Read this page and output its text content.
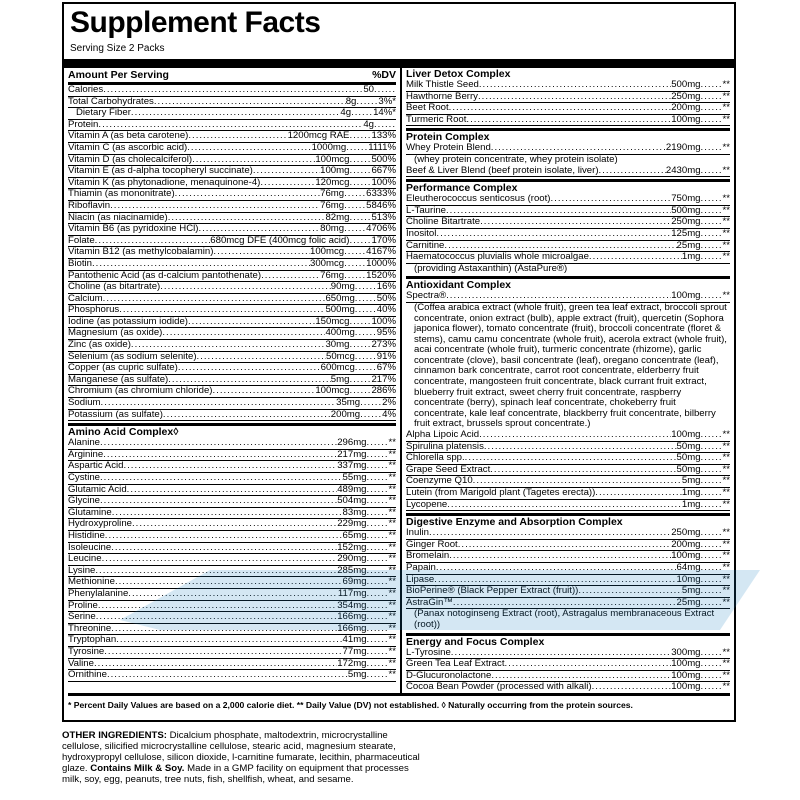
Supplement Facts
Serving Size 2 Packs
Amount Per Serving	%DV
Calories .....	50
.....
Total Carbohydrates .....	8g ..... 3%*
Dietary Fiber .....	4g ..... 14%*
Protein .....	4g
.....
Vitamin A (as beta carotene) .....	1200mcg RAE ..... 133%
Vitamin C (as ascorbic acid) .....	1000mg ..... 1111%
Vitamin D (as cholecalciferol) .....	100mcg ..... 500%
Vitamin E (as d-alpha tocopheryl succinate) .....	100mg ..... 667%
Vitamin K (as phytonadione, menaquinone-4) .....	120mcg ..... 100%
Thiamin (as mononitrate) .....	76mg ..... 6333%
Riboflavin .....	76mg ..... 5846%
Niacin (as niacinamide) .....	82mg ..... 513%
Vitamin B6 (as pyridoxine HCl) .....	80mg ..... 4706%
Folate .....	680mcg DFE (400mcg folic acid) ..... 170%
Vitamin B12 (as methylcobalamin) .....	100mcg ..... 4167%
Biotin .....	300mcg ..... 1000%
Pantothenic Acid (as d-calcium pantothenate) .....	76mg ..... 1520%
Choline (as bitartrate) .....	90mg ..... 16%
Calcium .....	650mg ..... 50%
Phosphorus .....	500mg ..... 40%
Iodine (as potassium iodide) .....	150mcg ..... 100%
Magnesium (as oxide) .....	400mg ..... 95%
Zinc (as oxide) .....	30mg ..... 273%
Selenium (as sodium selenite) .....	50mcg ..... 91%
Copper (as cupric sulfate) .....	600mcg ..... 67%
Manganese (as sulfate) .....	5mg ..... 217%
Chromium (as chromium chloride) .....	100mcg ..... 286%
Sodium .....	35mg ..... 2%
Potassium (as sulfate) .....	200mg ..... 4%
Amino Acid Complex◊
Alanine .....	296mg ..... **
Arginine .....	217mg ..... **
Aspartic Acid .....	337mg ..... **
Cystine .....	55mg ..... **
Glutamic Acid .....	489mg ..... **
Glycine .....	504mg ..... **
Glutamine .....	83mg ..... **
Hydroxyproline .....	229mg ..... **
Histidine .....	65mg ..... **
Isoleucine .....	152mg ..... **
Leucine .....	290mg ..... **
Lysine .....	285mg ..... **
Methionine .....	69mg ..... **
Phenylalanine .....	117mg ..... **
Proline .....	354mg ..... **
Serine .....	166mg ..... **
Threonine .....	166mg ..... **
Tryptophan .....	41mg ..... **
Tyrosine .....	77mg ..... **
Valine .....	172mg ..... **
Ornithine .....	5mg ..... **
Liver Detox Complex
Milk Thistle Seed .....	500mg ..... **
Hawthorne Berry .....	250mg ..... **
Beet Root .....	200mg ..... **
Turmeric Root .....	100mg ..... **
Protein Complex
Whey Protein Blend .....	2190mg ..... **
(whey protein concentrate, whey protein isolate)
Beef & Liver Blend (beef protein isolate, liver) .....	2430mg ..... **
Performance Complex
Eleutherococcus senticosus (root) .....	750mg ..... **
L-Taurine .....	500mg ..... **
Choline Bitartrate .....	250mg ..... **
Inositol .....	125mg ..... **
Carnitine .....	25mg ..... **
Haematococcus pluvialis whole microalgae .....	1mg ..... **
(providing Astaxanthin) (AstaPure®)
Antioxidant Complex
Spectra® .....	100mg ..... **
(Coffea arabica extract (whole fruit), green tea leaf extract, broccoli sprout concentrate, onion extract (bulb), apple extract (fruit), quercetin (Sophora japonica flower), tomato concentrate (fruit), broccoli concentrate (floret & stems), camu camu concentrate (whole fruit), acerola extract (whole fruit), acai concentrate (whole fruit), turmeric concentrate (rhizome), garlic concentrate (clove), basil concentrate (leaf), oregano concentrate (leaf), cinnamon bark concentrate, carrot root concentrate, elderberry fruit concentrate, mangosteen fruit concentrate, black currant fruit extract, blueberry fruit extract, sweet cherry fruit concentrate, raspberry concentrate (berry), spinach leaf concentrate, chokeberry fruit concentrate, kale leaf concentrate, blackberry fruit concentrate, bilberry fruit extract, brussels sprout concentrate.)
Alpha Lipoic Acid .....	100mg ..... **
Spirulina platensis .....	50mg ..... **
Chlorella spp. .....	50mg ..... **
Grape Seed Extract .....	50mg ..... **
Coenzyme Q10 .....	5mg ..... **
Lutein (from Marigold plant (Tagetes erecta)) .....	1mg ..... **
Lycopene .....	1mg ..... **
Digestive Enzyme and Absorption Complex
Inulin .....	250mg ..... **
Ginger Root .....	200mg ..... **
Bromelain .....	100mg ..... **
Papain .....	64mg ..... **
Lipase .....	10mg ..... **
BioPerine® (Black Pepper Extract (fruit)) .....	5mg ..... **
AstraGin™ .....	25mg ..... **
(Panax notoginseng Extract (root), Astragalus membranaceous Extract (root))
Energy and Focus Complex
L-Tyrosine .....	300mg ..... **
Green Tea Leaf Extract .....	100mg ..... **
D-Glucuronolactone .....	100mg ..... **
Cocoa Bean Powder (processed with alkali) .....	100mg ..... **
.....
.....
* Percent Daily Values are based on a 2,000 calorie diet. ** Daily Value (DV) not established. ◊ Naturally occurring from the protein sources.
OTHER INGREDIENTS: Dicalcium phosphate, maltodextrin, microcrystalline cellulose, silicified microcrystalline cellulose, stearic acid, magnesium stearate, hydroxypropyl cellulose, silicon dioxide, l-carnitine fumarate, lecithin, pharmaceutical glaze. Contains Milk & Soy. Made in a GMP facility on equipment that processes milk, soy, egg, peanuts, tree nuts, fish, shellfish, wheat, and sesame.
